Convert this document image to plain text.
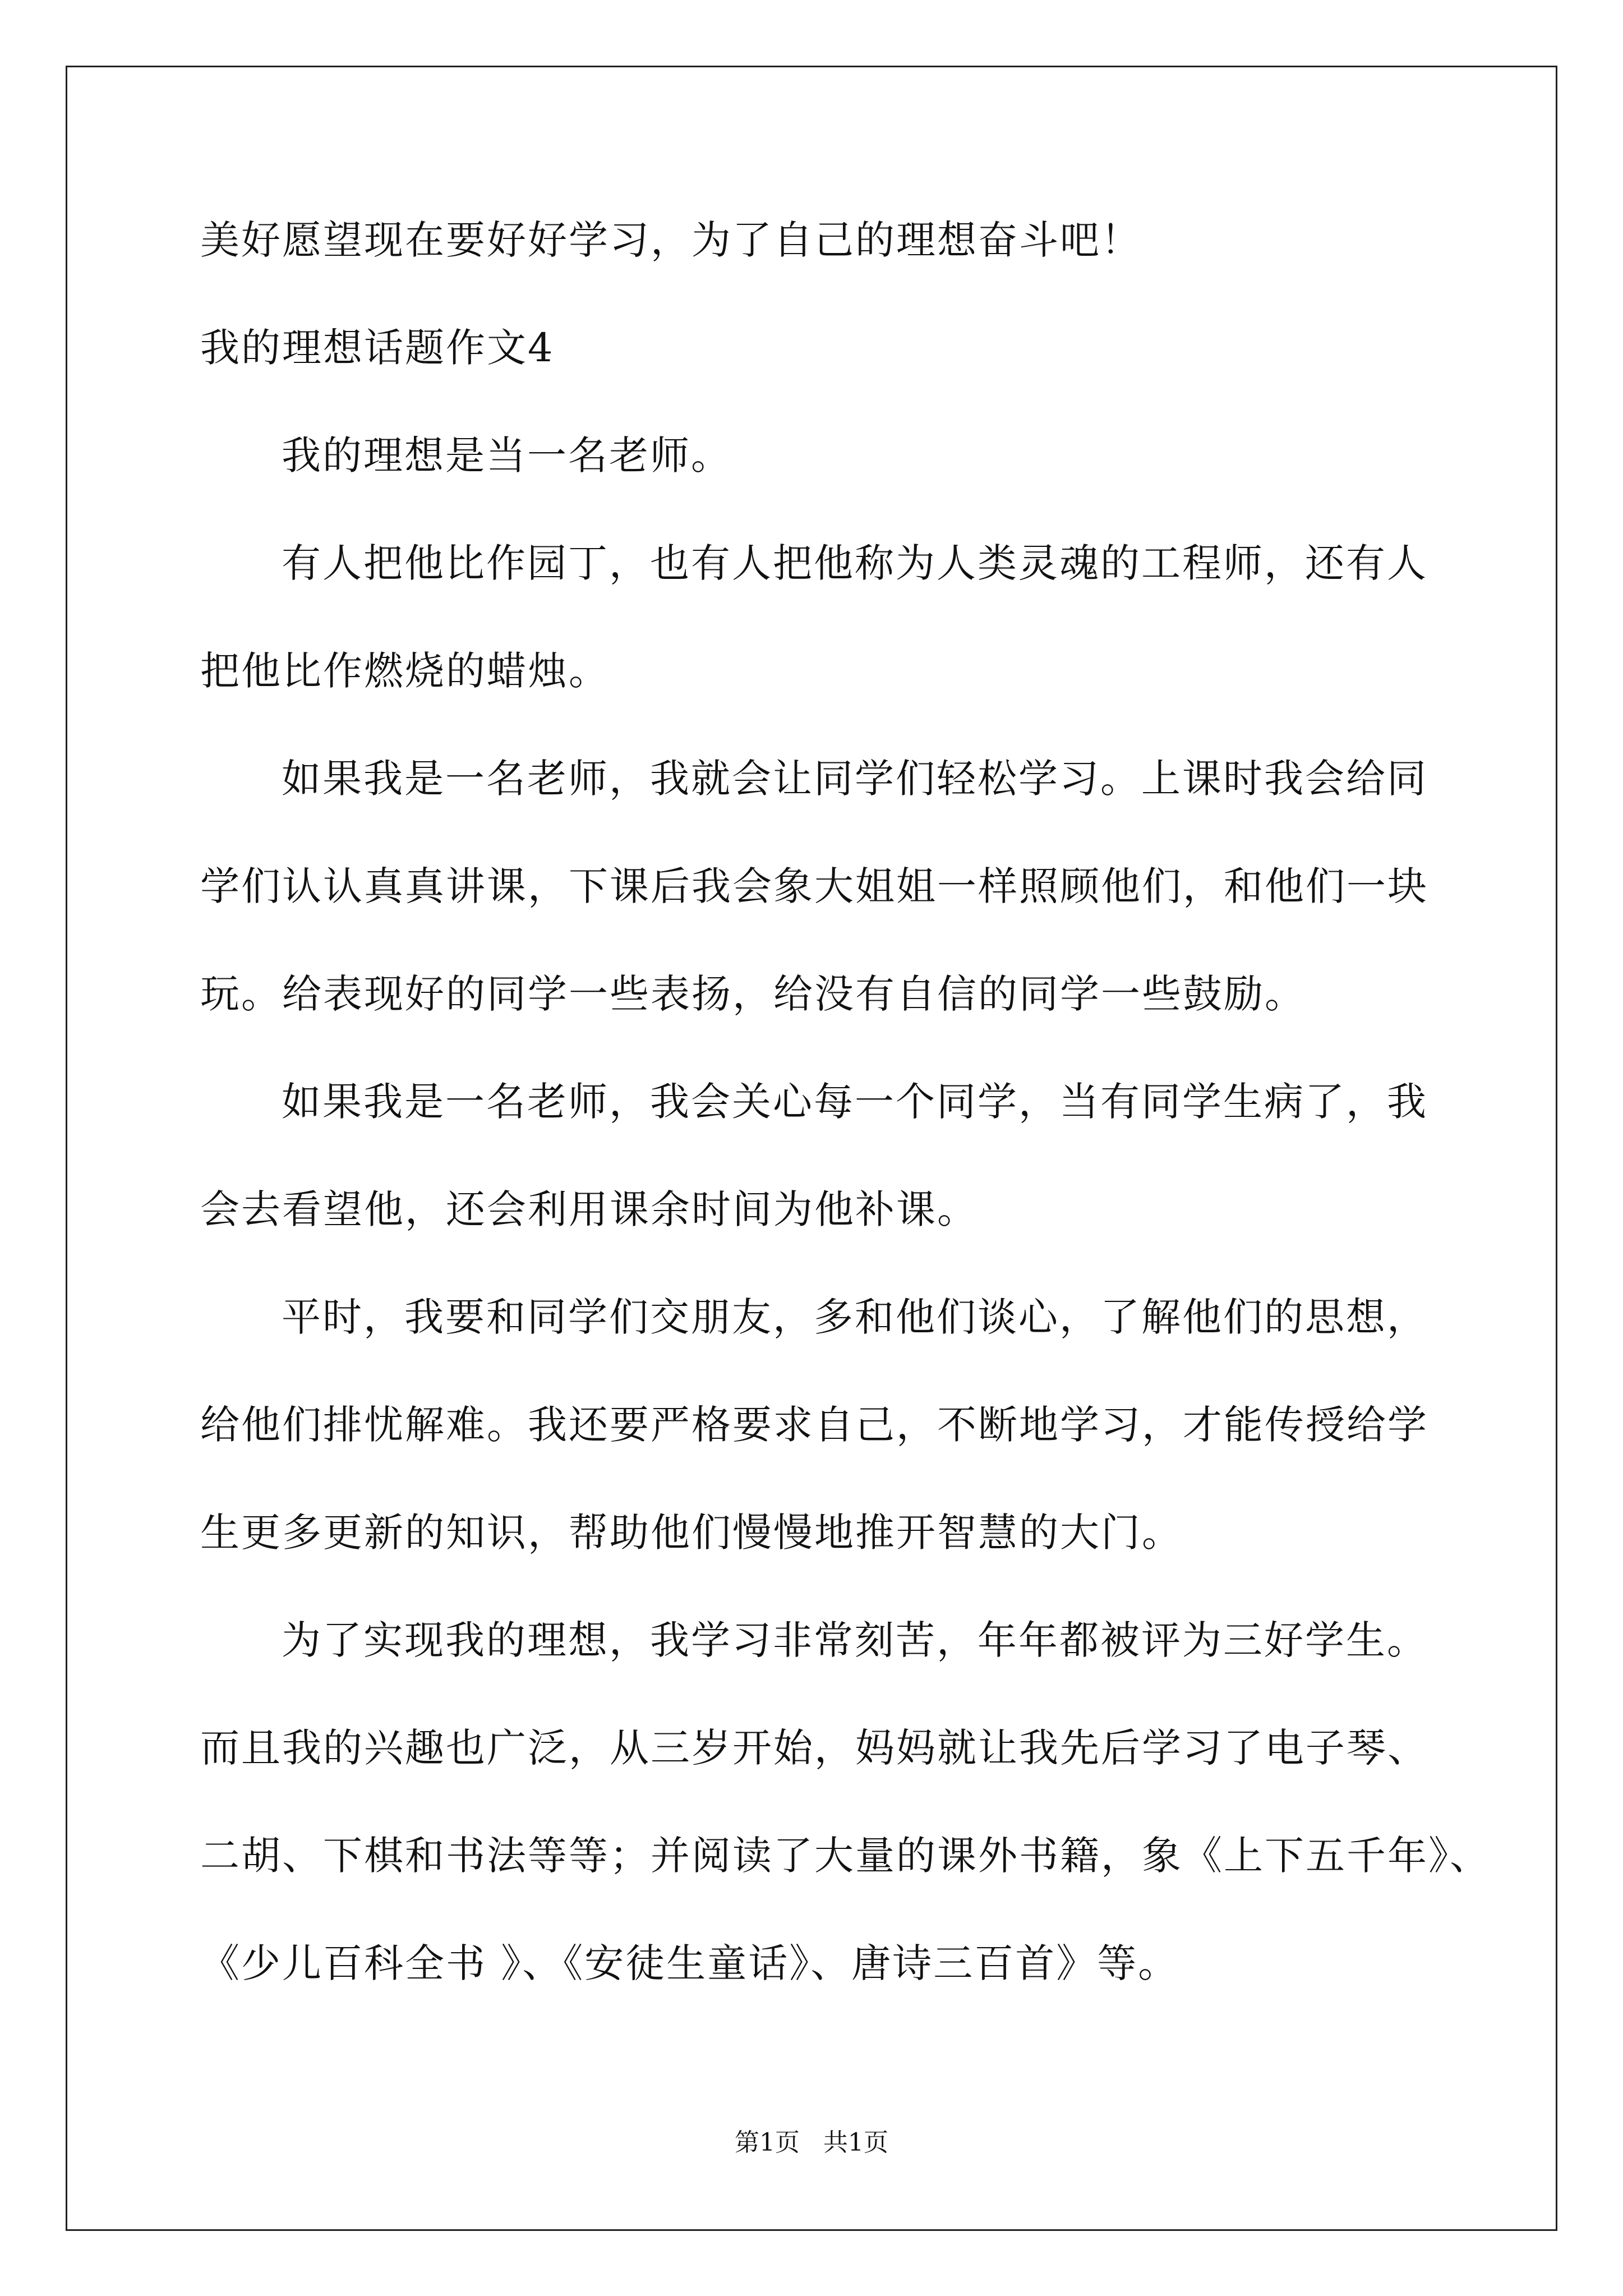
美好愿望现在要好好学习，为了自己的理想奋斗吧！
我的理想话题作文4
我的理想是当一名老师。
有人把他比作园丁，也有人把他称为人类灵魂的工程师，还有人
把他比作燃烧的蜡烛。
如果我是一名老师，我就会让同学们轻松学习。上课时我会给同
学们认认真真讲课，下课后我会象大姐姐一样照顾他们，和他们一块
玩。给表现好的同学一些表扬，给没有自信的同学一些鼓励。
如果我是一名老师，我会关心每一个同学，当有同学生病了，我
会去看望他，还会利用课余时间为他补课。
平时，我要和同学们交朋友，多和他们谈心，了解他们的思想，
给他们排忧解难。我还要严格要求自己，不断地学习，才能传授给学
生更多更新的知识，帮助他们慢慢地推开智慧的大门。
为了实现我的理想，我学习非常刻苦，年年都被评为三好学生。
而且我的兴趣也广泛，从三岁开始，妈妈就让我先后学习了电子琴、
二胡、下棋和书法等等；并阅读了大量的课外书籍，象《上下五千年》、
《少儿百科全书 》、《安徒生童话》、唐诗三百首》等。
第1页   共1页
